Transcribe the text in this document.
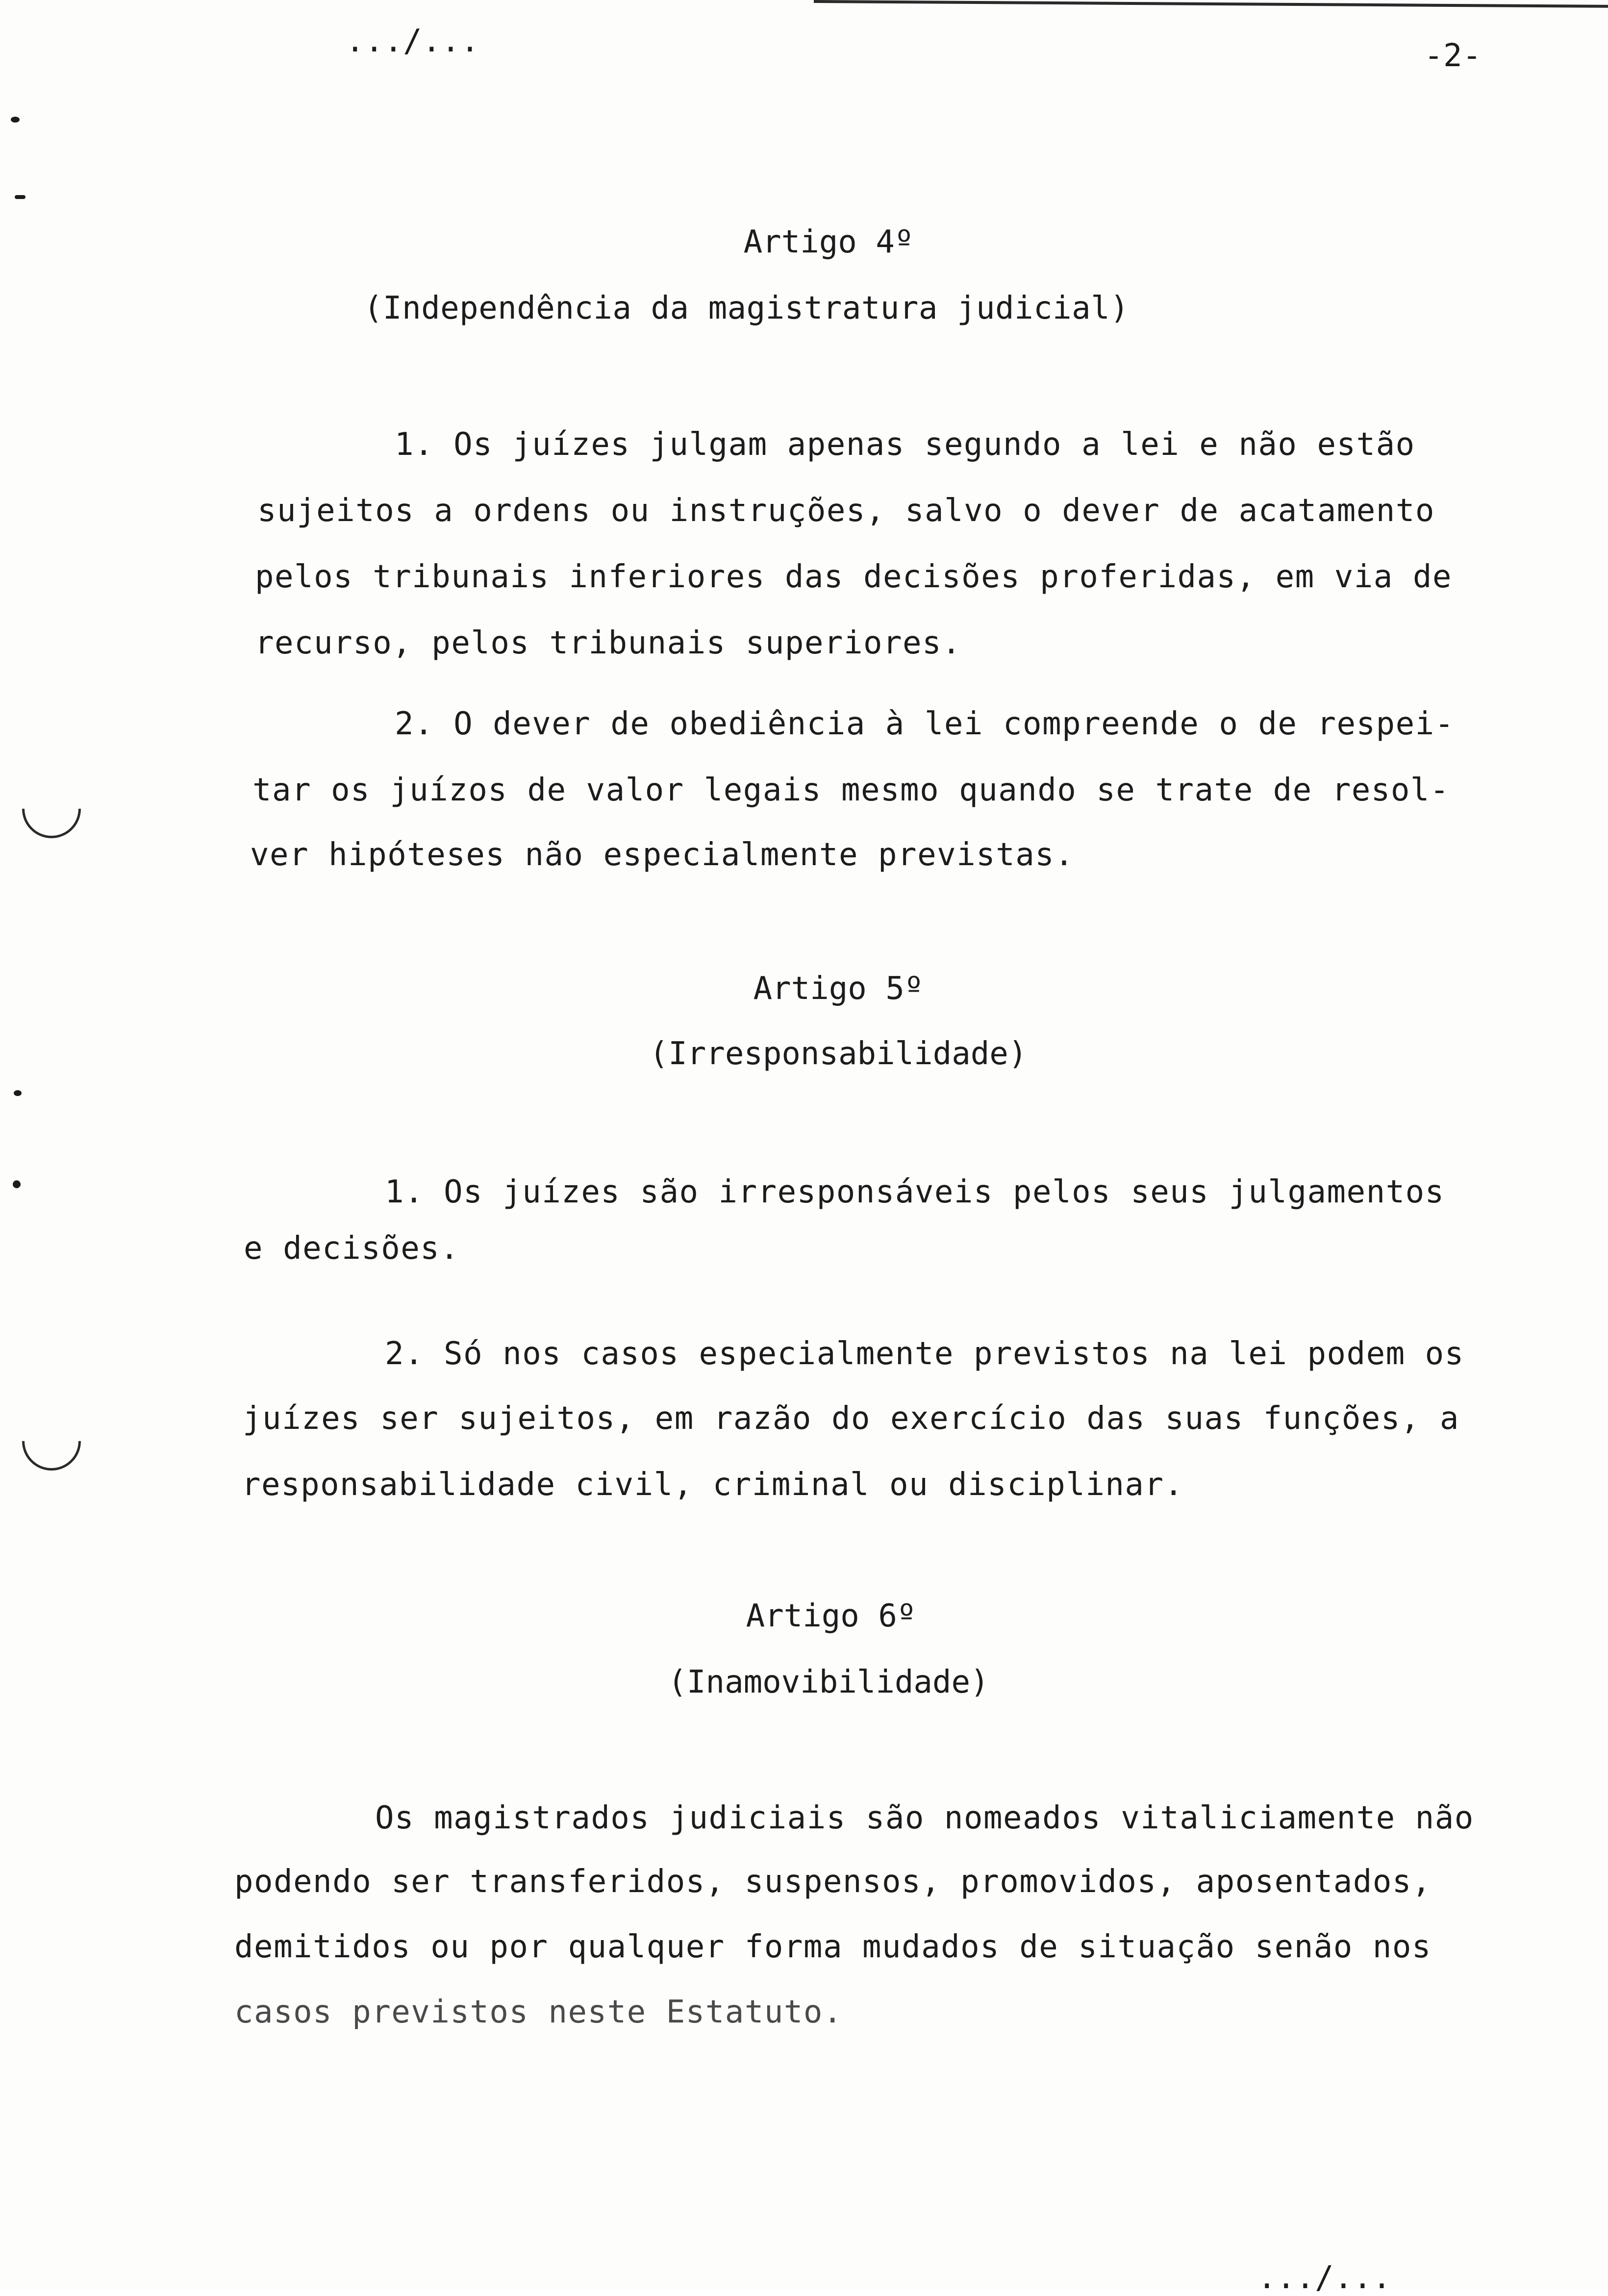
.../...	-2-
Artigo 4º
(Independência da magistratura judicial)
1. Os juízes julgam apenas segundo a lei e não estão
sujeitos a ordens ou instruções, salvo o dever de acatamento
pelos tribunais inferiores das decisões proferidas, em via de
recurso, pelos tribunais superiores.
2. O dever de obediência à lei compreende o de respei-
tar os juízos de valor legais mesmo quando se trate de resol-
ver hipóteses não especialmente previstas.
Artigo 5º
(Irresponsabilidade)
1. Os juízes são irresponsáveis pelos seus julgamentos
e decisões.
2. Só nos casos especialmente previstos na lei podem os
juízes ser sujeitos, em razão do exercício das suas funções, a
responsabilidade civil, criminal ou disciplinar.
Artigo 6º
(Inamovibilidade)
Os magistrados judiciais são nomeados vitaliciamente não
podendo ser transferidos, suspensos, promovidos, aposentados,
demitidos ou por qualquer forma mudados de situação senão nos
casos previstos neste Estatuto.
.../...
